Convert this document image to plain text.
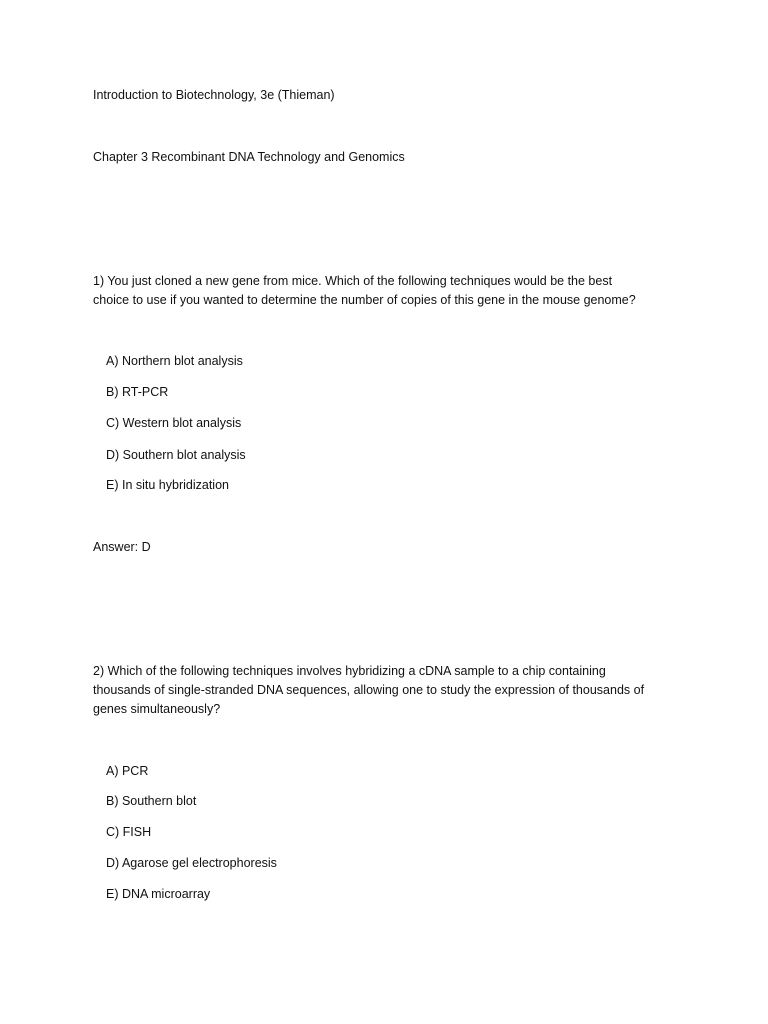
Introduction to Biotechnology, 3e (Thieman)
Chapter 3 Recombinant DNA Technology and Genomics
1) You just cloned a new gene from mice. Which of the following techniques would be the best
choice to use if you wanted to determine the number of copies of this gene in the mouse genome?
A) Northern blot analysis
B) RT-PCR
C) Western blot analysis
D) Southern blot analysis
E) In situ hybridization
Answer: D
2) Which of the following techniques involves hybridizing a cDNA sample to a chip containing
thousands of single-stranded DNA sequences, allowing one to study the expression of thousands of
genes simultaneously?
A) PCR
B) Southern blot
C) FISH
D) Agarose gel electrophoresis
E) DNA microarray
